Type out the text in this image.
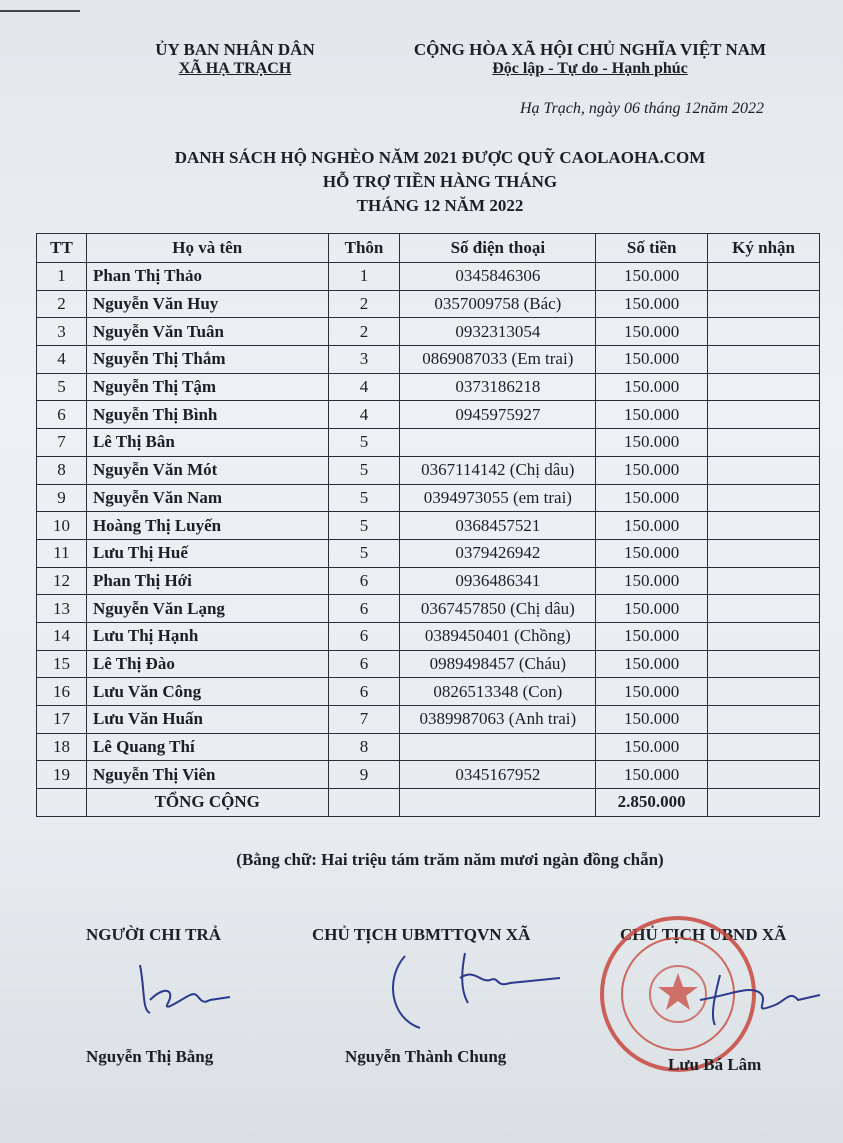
ỦY BAN NHÂN DÂN
XÃ HẠ TRẠCH
CỘNG HÒA XÃ HỘI CHỦ NGHĨA VIỆT NAM
Độc lập - Tự do - Hạnh phúc
Hạ Trạch, ngày 06 tháng 12năm 2022
DANH SÁCH HỘ NGHÈO NĂM 2021 ĐƯỢC QUỸ CAOLAOHA.COM
HỖ TRỢ TIỀN HÀNG THÁNG
THÁNG 12 NĂM 2022
TT	Họ và tên	Thôn	Số điện thoại	Số tiền	Ký nhận
1	Phan Thị Thảo	1	0345846306	150.000	
2	Nguyễn Văn Huy	2	0357009758 (Bác)	150.000	
3	Nguyễn Văn Tuân	2	0932313054	150.000	
4	Nguyễn Thị Thắm	3	0869087033 (Em trai)	150.000	
5	Nguyễn Thị Tậm	4	0373186218	150.000	
6	Nguyễn Thị Bình	4	0945975927	150.000	
7	Lê Thị Bân	5		150.000	
8	Nguyễn Văn Mót	5	0367114142 (Chị dâu)	150.000	
9	Nguyễn Văn Nam	5	0394973055 (em trai)	150.000	
10	Hoàng Thị Luyến	5	0368457521	150.000	
11	Lưu Thị Huế	5	0379426942	150.000	
12	Phan Thị Hới	6	0936486341	150.000	
13	Nguyễn Văn Lạng	6	0367457850 (Chị dâu)	150.000	
14	Lưu Thị Hạnh	6	0389450401 (Chồng)	150.000	
15	Lê Thị Đào	6	0989498457 (Cháu)	150.000	
16	Lưu Văn Công	6	0826513348 (Con)	150.000	
17	Lưu Văn Huấn	7	0389987063 (Anh trai)	150.000	
18	Lê Quang Thí	8		150.000	
19	Nguyễn Thị Viên	9	0345167952	150.000	
	TỔNG CỘNG			2.850.000	
(Bằng chữ: Hai triệu tám trăm năm mươi ngàn đồng chẵn)
NGƯỜI CHI TRẢ	CHỦ TỊCH UBMTTQVN XÃ	CHỦ TỊCH UBND XÃ
Nguyễn Thị Bằng	Nguyễn Thành Chung	Lưu Bá Lâm
